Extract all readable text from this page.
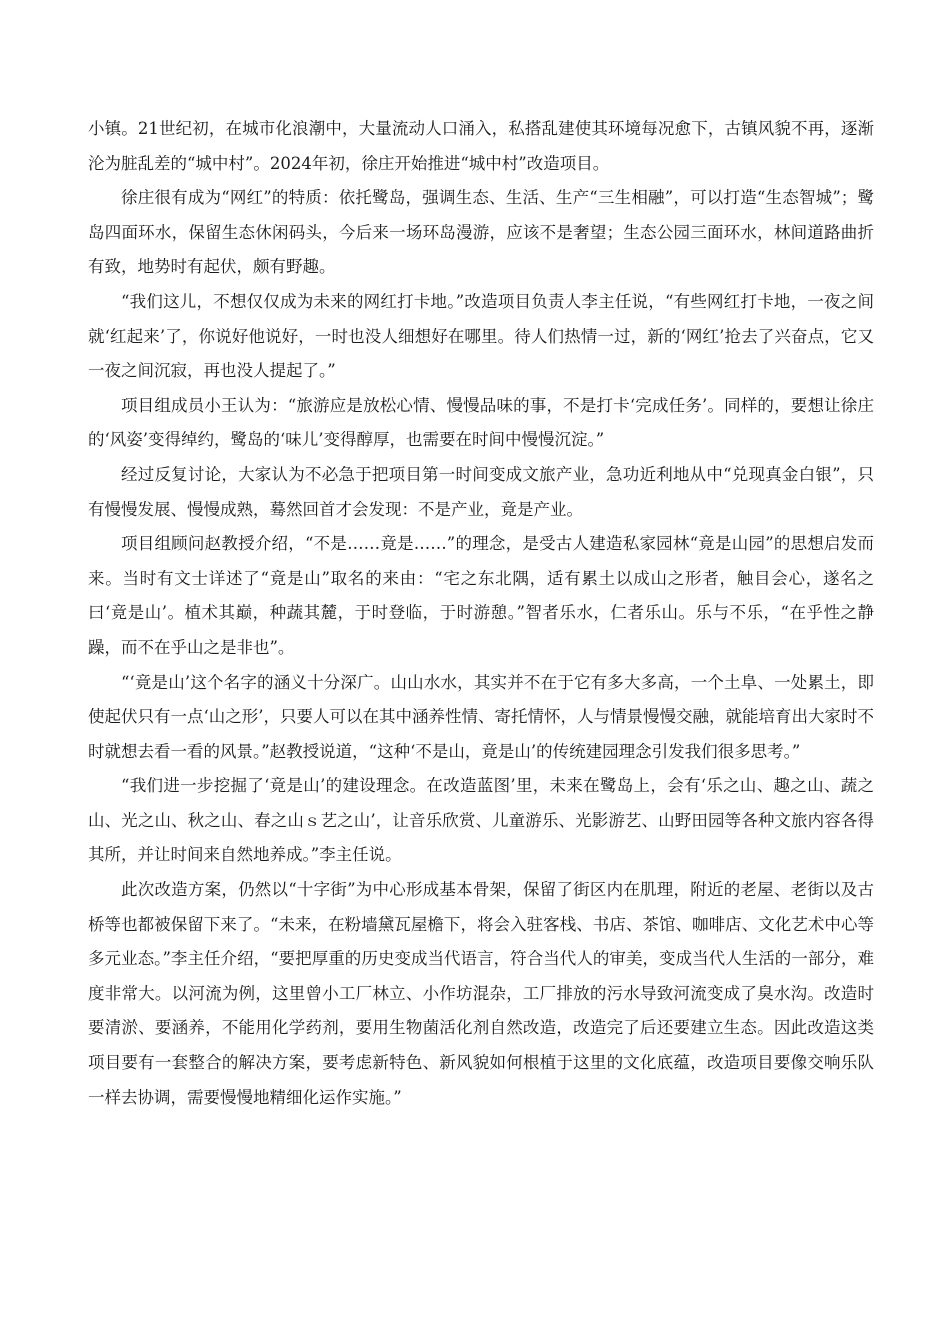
小镇。21世纪初，在城市化浪潮中，大量流动人口涌入，私搭乱建使其环境每况愈下，古镇风貌不再，逐渐沦为脏乱差的“城中村”。2024年初，徐庄开始推进“城中村”改造项目。

徐庄很有成为“网红”的特质：依托鹭岛，强调生态、生活、生产“三生相融”，可以打造“生态智城”；鹭岛四面环水，保留生态休闲码头，今后来一场环岛漫游，应该不是奢望；生态公园三面环水，林间道路曲折有致，地势时有起伏，颇有野趣。

“我们这儿，不想仅仅成为未来的网红打卡地。”改造项目负责人李主任说，“有些网红打卡地，一夜之间就‘红起来’了，你说好他说好，一时也没人细想好在哪里。待人们热情一过，新的‘网红’抢去了兴奋点，它又一夜之间沉寂，再也没人提起了。”

项目组成员小王认为：“旅游应是放松心情、慢慢品味的事，不是打卡‘完成任务’。同样的，要想让徐庄的‘风姿’变得绰约，鹭岛的‘味儿’变得醇厚，也需要在时间中慢慢沉淀。”

经过反复讨论，大家认为不必急于把项目第一时间变成文旅产业，急功近利地从中“兑现真金白银”，只有慢慢发展、慢慢成熟，蓦然回首才会发现：不是产业，竟是产业。

项目组顾问赵教授介绍，“不是……竟是……”的理念，是受古人建造私家园林“竟是山园”的思想启发而来。当时有文士详述了“竟是山”取名的来由：“宅之东北隅，适有累土以成山之形者，触目会心，遂名之曰‘竟是山’。植术其巅，种蔬其麓，于时登临，于时游憩。”智者乐水，仁者乐山。乐与不乐，“在乎性之静躁，而不在乎山之是非也”。

“‘竟是山’这个名字的涵义十分深广。山山水水，其实并不在于它有多大多高，一个土阜、一处累土，即使起伏只有一点‘山之形’，只要人可以在其中涵养性情、寄托情怀，人与情景慢慢交融，就能培育出大家时不时就想去看一看的风景。”赵教授说道，“这种‘不是山，竟是山’的传统建园理念引发我们很多思考。”

“我们进一步挖掘了‘竟是山’的建设理念。在改造蓝图’里，未来在鹭岛上，会有‘乐之山、趣之山、蔬之山、光之山、秋之山、春之山ｓ艺之山’，让音乐欣赏、儿童游乐、光影游艺、山野田园等各种文旅内容各得其所，并让时间来自然地养成。”李主任说。

此次改造方案，仍然以“十字街”为中心形成基本骨架，保留了街区内在肌理，附近的老屋、老街以及古桥等也都被保留下来了。“未来，在粉墙黛瓦屋檐下，将会入驻客栈、书店、茶馆、咖啡店、文化艺术中心等多元业态。”李主任介绍，“要把厚重的历史变成当代语言，符合当代人的审美，变成当代人生活的一部分，难度非常大。以河流为例，这里曾小工厂林立、小作坊混杂，工厂排放的污水导致河流变成了臭水沟。改造时要清淤、要涵养，不能用化学药剂，要用生物菌活化剂自然改造，改造完了后还要建立生态。因此改造这类项目要有一套整合的解决方案，要考虑新特色、新风貌如何根植于这里的文化底蕴，改造项目要像交响乐队一样去协调，需要慢慢地精细化运作实施。”
